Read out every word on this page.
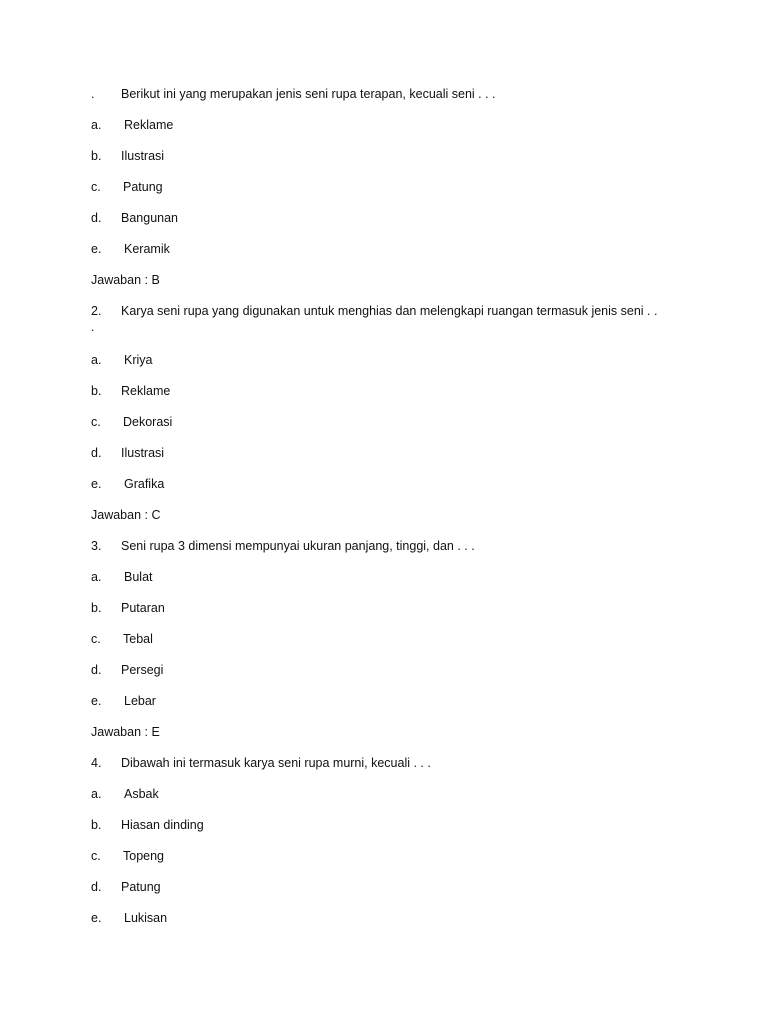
. Berikut ini yang merupakan jenis seni rupa terapan, kecuali seni . . .
a. Reklame
b. Ilustrasi
c. Patung
d. Bangunan
e. Keramik
Jawaban : B
2. Karya seni rupa yang digunakan untuk menghias dan melengkapi ruangan termasuk jenis seni . .
.
a. Kriya
b. Reklame
c. Dekorasi
d. Ilustrasi
e. Grafika
Jawaban : C
3. Seni rupa 3 dimensi mempunyai ukuran panjang, tinggi, dan . . .
a. Bulat
b. Putaran
c. Tebal
d. Persegi
e. Lebar
Jawaban : E
4. Dibawah ini termasuk karya seni rupa murni, kecuali . . .
a. Asbak
b. Hiasan dinding
c. Topeng
d. Patung
e. Lukisan
